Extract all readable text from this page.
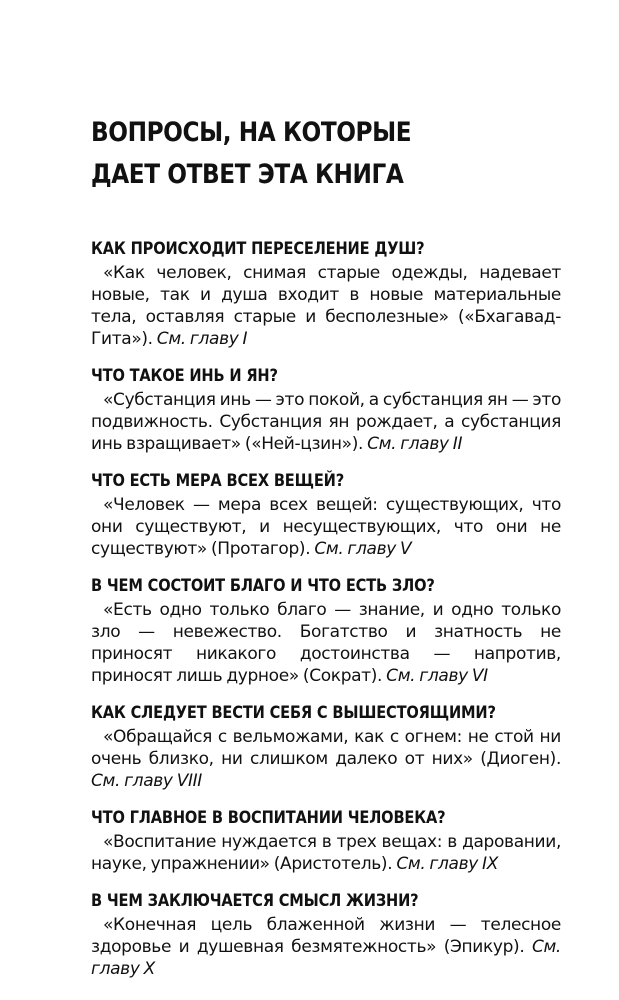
ВОПРОСЫ, НА КОТОРЫЕ
ДАЕТ ОТВЕТ ЭТА КНИГА
КАК ПРОИСХОДИТ ПЕРЕСЕЛЕНИЕ ДУШ?

«Как человек, снимая старые одежды, надевает новые, так и душа входит в новые материальные тела, оставляя старые и бесполезные» («Бхагавад-Гита»). См. главу I

ЧТО ТАКОЕ ИНЬ И ЯН?

«Субстанция инь — это покой, а субстанция ян — это подвижность. Субстанция ян рождает, а субстанция инь взращивает» («Ней-цзин»). См. главу II

ЧТО ЕСТЬ МЕРА ВСЕХ ВЕЩЕЙ?

«Человек — мера всех вещей: существующих, что они существуют, и несуществующих, что они не существуют» (Протагор). См. главу V

В ЧЕМ СОСТОИТ БЛАГО И ЧТО ЕСТЬ ЗЛО?

«Есть одно только благо — знание, и одно только зло — невежество. Богатство и знатность не приносят никакого достоинства — напротив, приносят лишь дурное» (Сократ). См. главу VI

КАК СЛЕДУЕТ ВЕСТИ СЕБЯ С ВЫШЕСТОЯЩИМИ?

«Обращайся с вельможами, как с огнем: не стой ни очень близко, ни слишком далеко от них» (Диоген). См. главу VIII

ЧТО ГЛАВНОЕ В ВОСПИТАНИИ ЧЕЛОВЕКА?

«Воспитание нуждается в трех вещах: в даровании, науке, упражнении» (Аристотель). См. главу IX

В ЧЕМ ЗАКЛЮЧАЕТСЯ СМЫСЛ ЖИЗНИ?

«Конечная цель блаженной жизни — телесное здоровье и душевная безмятежность» (Эпикур). См. главу X
